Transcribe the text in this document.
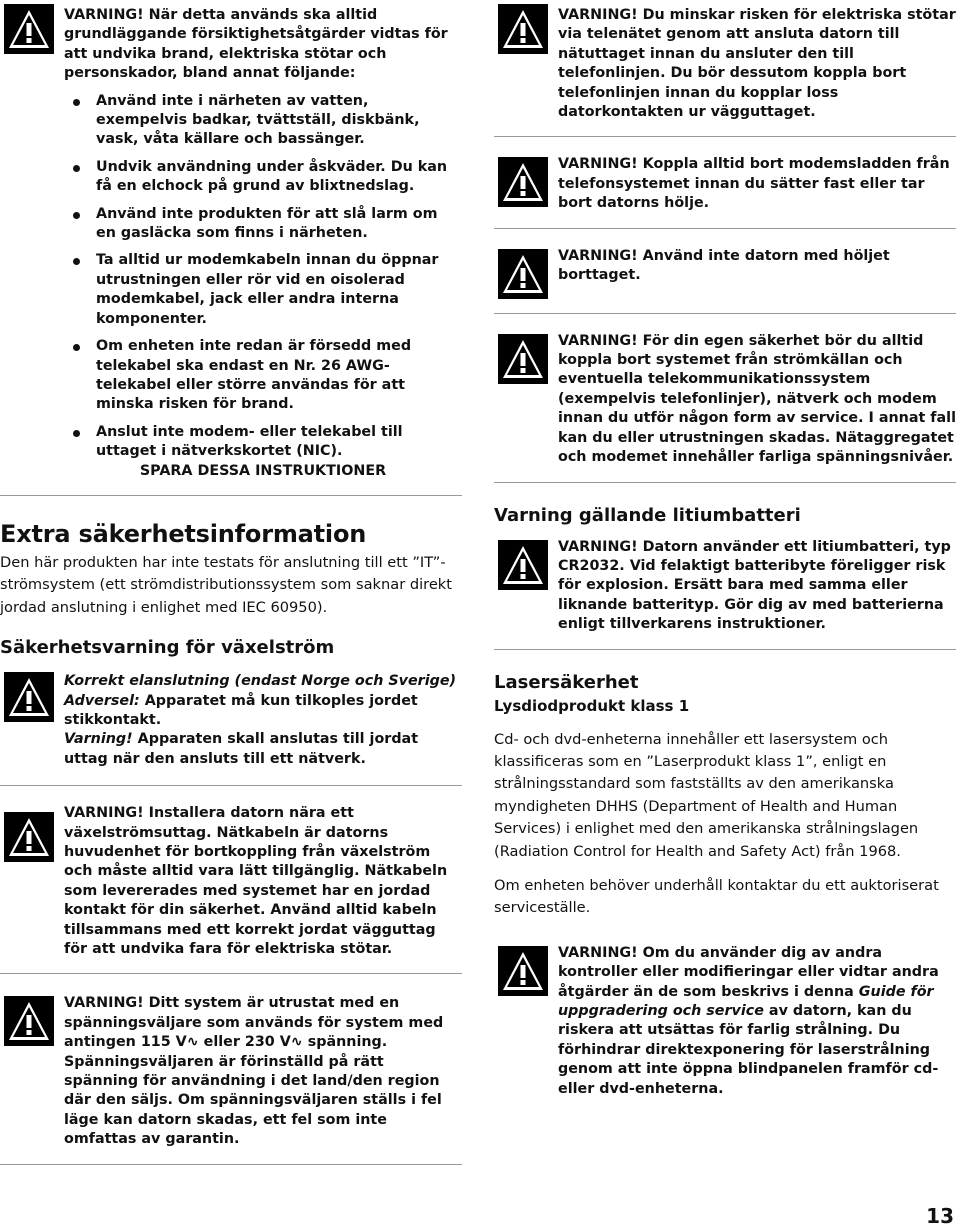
VARNING! När detta används ska alltid grundläggande försiktighetsåtgärder vidtas för att undvika brand, elektriska stötar och personskador, bland annat följande:

Använd inte i närheten av vatten, exempelvis badkar, tvättställ, diskbänk, vask, våta källare och bassänger.
Undvik användning under åskväder. Du kan få en elchock på grund av blixtnedslag.
Använd inte produkten för att slå larm om en gasläcka som finns i närheten.
Ta alltid ur modemkabeln innan du öppnar utrustningen eller rör vid en oisolerad modemkabel, jack eller andra interna komponenter.
Om enheten inte redan är försedd med telekabel ska endast en Nr. 26 AWG-telekabel eller större användas för att minska risken för brand.
Anslut inte modem- eller telekabel till uttaget i nätverkskortet (NIC).

SPARA DESSA INSTRUKTIONER

Extra säkerhetsinformation

Den här produkten har inte testats för anslutning till ett ”IT”-strömsystem (ett strömdistributionssystem som saknar direkt jordad anslutning i enlighet med IEC 60950).

Säkerhetsvarning för växelström

Korrekt elanslutning (endast Norge och Sverige)

Adversel: Apparatet må kun tilkoples jordet stikkontakt.

Varning! Apparaten skall anslutas till jordat uttag när den ansluts till ett nätverk.

VARNING! Installera datorn nära ett växelströmsuttag. Nätkabeln är datorns huvudenhet för bortkoppling från växelström och måste alltid vara lätt tillgänglig. Nätkabeln som levererades med systemet har en jordad kontakt för din säkerhet. Använd alltid kabeln tillsammans med ett korrekt jordat vägguttag för att undvika fara för elektriska stötar.
VARNING! Ditt system är utrustat med en spänningsväljare som används för system med antingen 115 V∿ eller 230 V∿ spänning. Spänningsväljaren är förinställd på rätt spänning för användning i det land/den region där den säljs. Om spänningsväljaren ställs i fel läge kan datorn skadas, ett fel som inte omfattas av garantin.
VARNING! Du minskar risken för elektriska stötar via telenätet genom att ansluta datorn till nätuttaget innan du ansluter den till telefonlinjen. Du bör dessutom koppla bort telefonlinjen innan du kopplar loss datorkontakten ur vägguttaget.
VARNING! Koppla alltid bort modemsladden från telefonsystemet innan du sätter fast eller tar bort datorns hölje.
VARNING! Använd inte datorn med höljet borttaget.
VARNING! För din egen säkerhet bör du alltid koppla bort systemet från strömkällan och eventuella telekommunikationssystem (exempelvis telefonlinjer), nätverk och modem innan du utför någon form av service. I annat fall kan du eller utrustningen skadas. Nätaggregatet och modemet innehåller farliga spänningsnivåer.
Varning gällande litiumbatteri
VARNING! Datorn använder ett litiumbatteri, typ CR2032. Vid felaktigt batteribyte föreligger risk för explosion. Ersätt bara med samma eller liknande batterityp. Gör dig av med batterierna enligt tillverkarens instruktioner.
Lasersäkerhet
Lysdiodprodukt klass 1

Cd- och dvd-enheterna innehåller ett lasersystem och klassificeras som en ”Laserprodukt klass 1”, enligt en strålningsstandard som fastställts av den amerikanska myndigheten DHHS (Department of Health and Human Services) i enlighet med den amerikanska strålningslagen (Radiation Control for Health and Safety Act) från 1968.

Om enheten behöver underhåll kontaktar du ett auktoriserat serviceställe.

VARNING! Om du använder dig av andra kontroller eller modifieringar eller vidtar andra åtgärder än de som beskrivs i denna Guide för uppgradering och service av datorn, kan du riskera att utsättas för farlig strålning. Du förhindrar direktexponering för laserstrålning genom att inte öppna blindpanelen framför cd-eller dvd-enheterna.
13
